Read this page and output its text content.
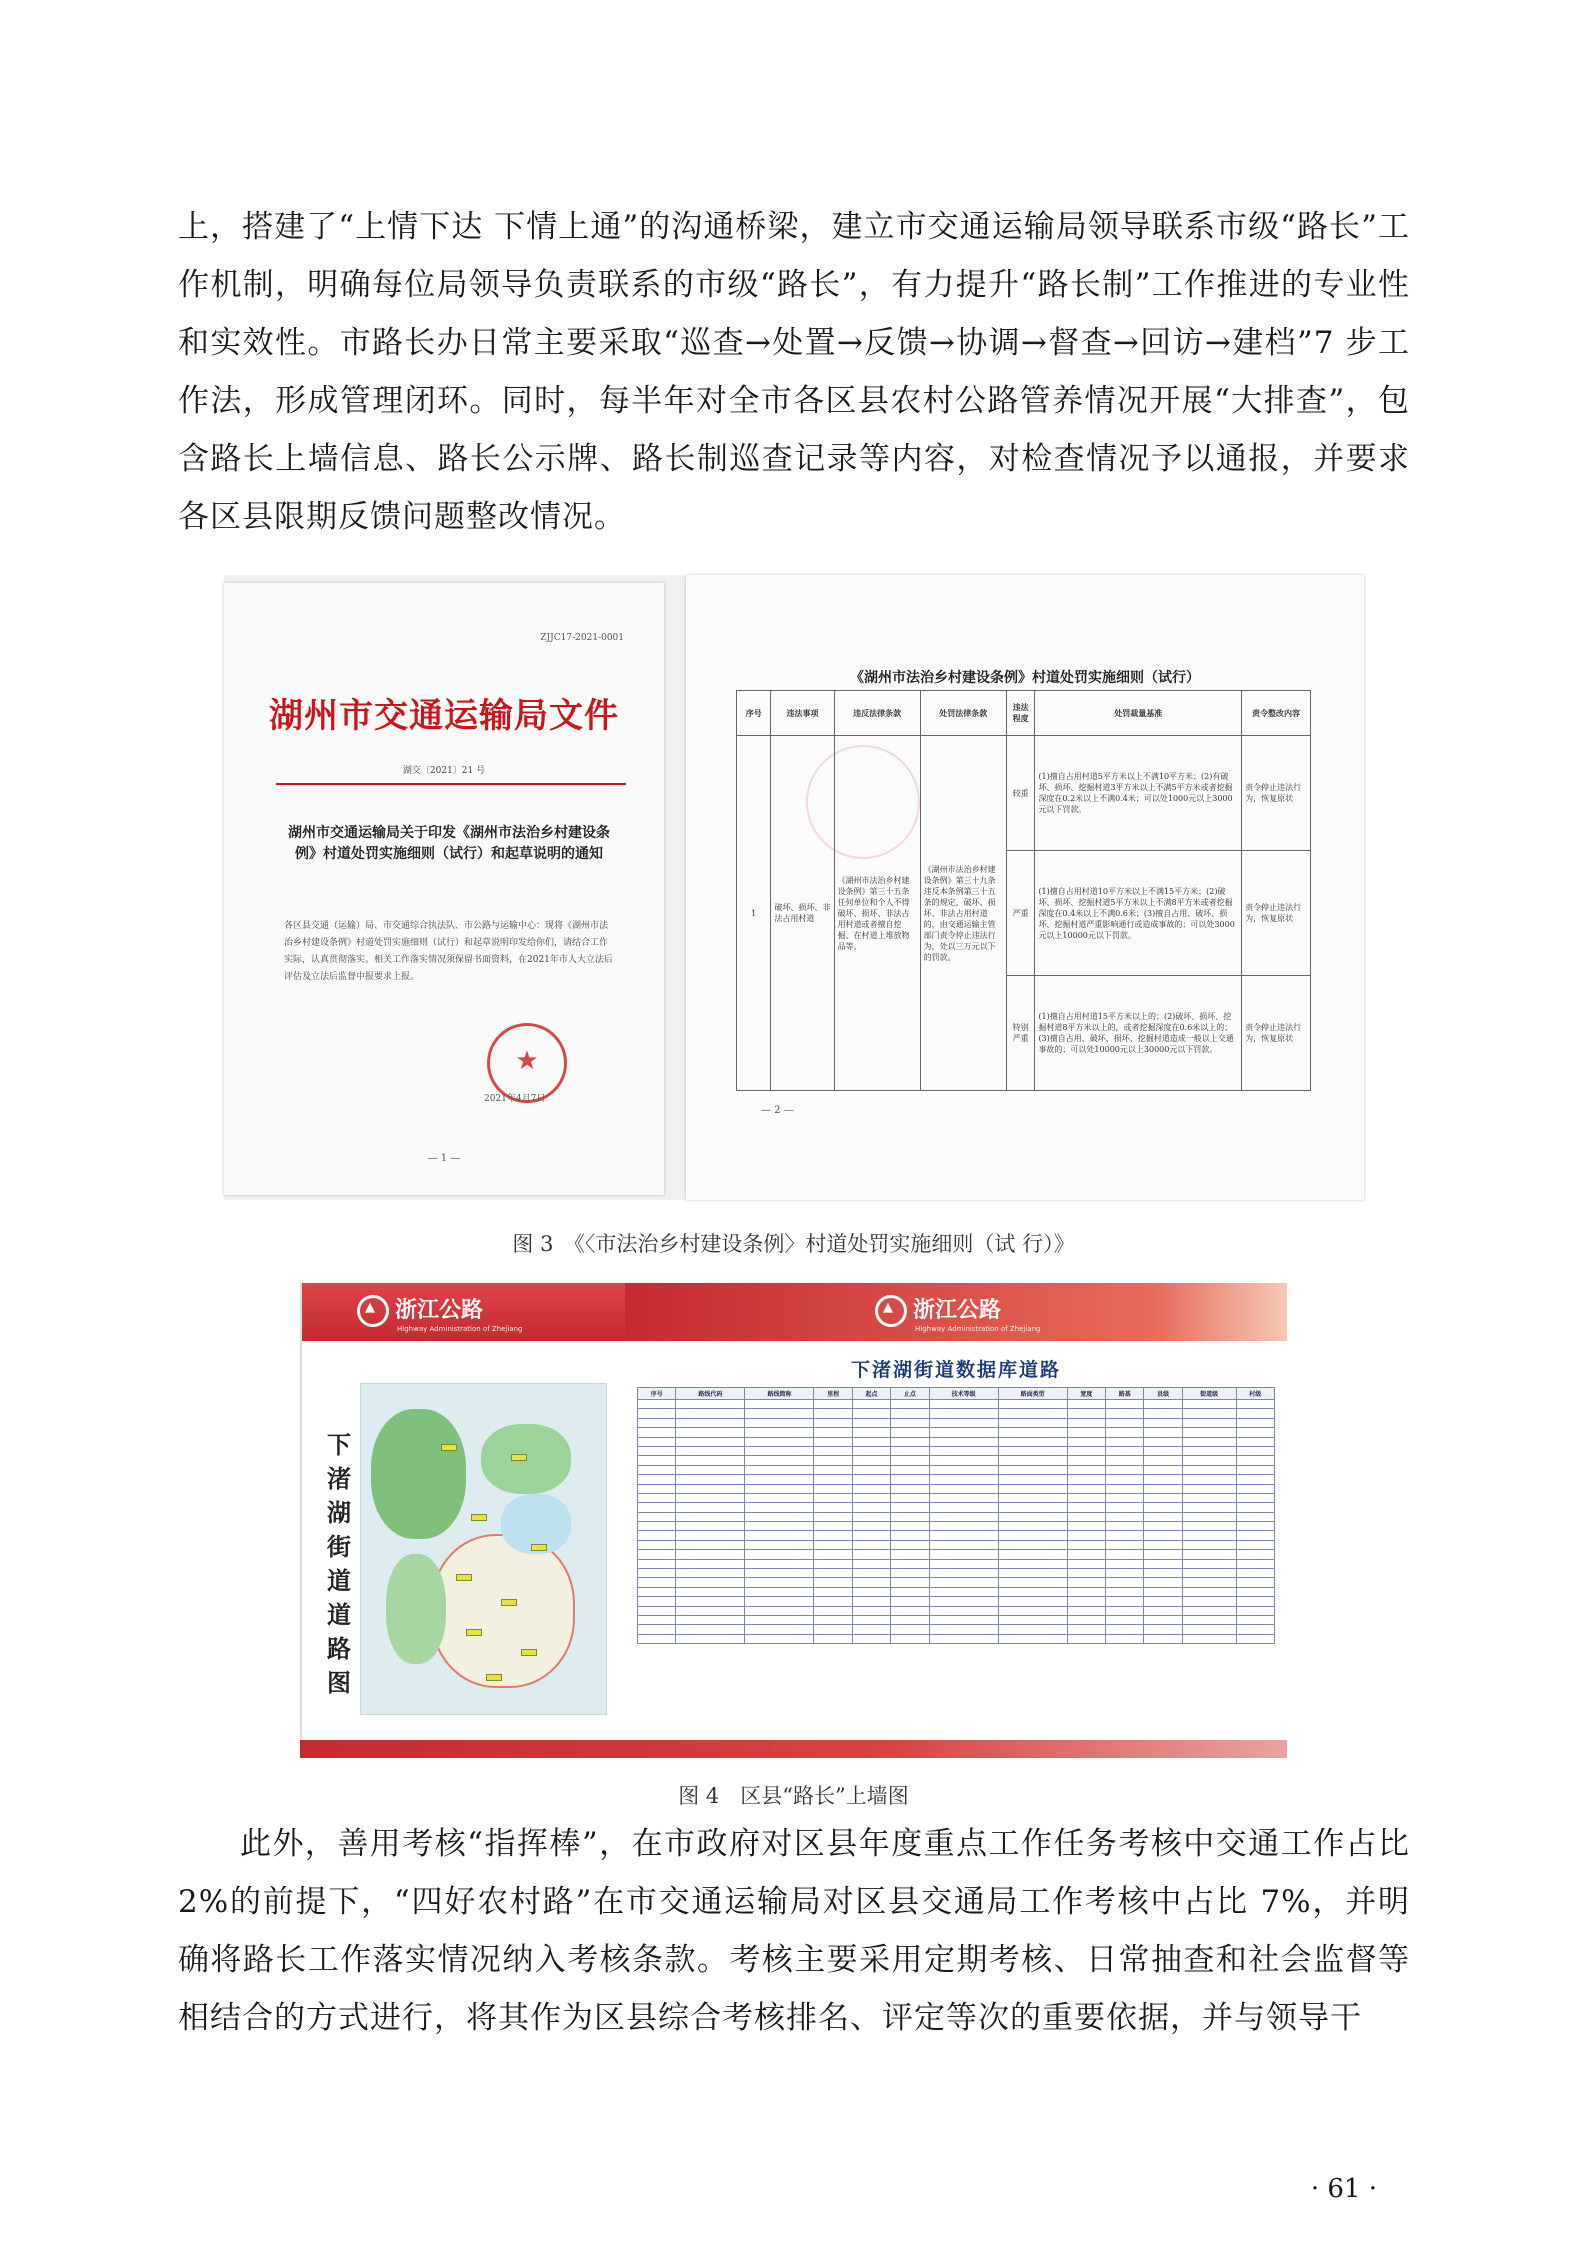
上，搭建了“上情下达 下情上通”的沟通桥梁，建立市交通运输局领导联系市级“路长”工作机制，明确每位局领导负责联系的市级“路长”，有力提升“路长制”工作推进的专业性和实效性。市路长办日常主要采取“巡查→处置→反馈→协调→督查→回访→建档”7 步工作法，形成管理闭环。同时，每半年对全市各区县农村公路管养情况开展“大排查”，包含路长上墙信息、路长公示牌、路长制巡查记录等内容，对检查情况予以通报，并要求各区县限期反馈问题整改情况。

ZJJC17-2021-0001
湖州市交通运输局文件
湖交〔2021〕21 号
湖州市交通运输局关于印发《湖州市法治乡村建设条例》村道处罚实施细则（试行）和起草说明的通知
各区县交通（运输）局、市交通综合执法队、市公路与运输中心：现将《湖州市法治乡村建设条例》村道处罚实施细则（试行）和起草说明印发给你们，请结合工作实际，认真贯彻落实。相关工作落实情况须保留书面资料，在2021年市人大立法后评估及立法后监督中报要求上报。
★
2021年4月7日
— 1 —
《湖州市法治乡村建设条例》村道处罚实施细则（试行）
序号	违法事项	违反法律条款	处罚法律条款	违法程度	处罚裁量基准	责令整改内容
1	破坏、损坏、非法占用村道	《湖州市法治乡村建设条例》第三十五条 任何单位和个人不得破坏、损坏、非法占用村道或者擅自挖掘、在村道上堆放物品等。	《湖州市法治乡村建设条例》第三十九条 违反本条例第三十五条的规定，破坏、损坏、非法占用村道的，由交通运输主管部门责令停止违法行为，处以三万元以下的罚款。	较重	(1)擅自占用村道5平方米以上不满10平方米；(2)有破坏、损坏、挖掘村道3平方米以上不满5平方米或者挖掘深度在0.2米以上不满0.4米；可以处1000元以上3000元以下罚款。	责令停止违法行为，恢复原状
				严重	(1)擅自占用村道10平方米以上不满15平方米；(2)破坏、损坏、挖掘村道5平方米以上不满8平方米或者挖掘深度在0.4米以上不满0.6米；(3)擅自占用、破坏、损坏、挖掘村道严重影响通行或造成事故的；可以处3000元以上10000元以下罚款。	责令停止违法行为，恢复原状
				特别严重	(1)擅自占用村道15平方米以上的；(2)破坏、损坏、挖掘村道8平方米以上的，或者挖掘深度在0.6米以上的；(3)擅自占用、破坏、损坏、挖掘村道造成一般以上交通事故的；可以处10000元以上30000元以下罚款。	责令停止违法行为，恢复原状
— 2 —
图 3　《〈市法治乡村建设条例〉村道处罚实施细则（试 行）》
▲浙江公路
Highway Administration of Zhejiang
下渚湖街道道路图
▲浙江公路
Highway Administration of Zhejiang
下渚湖街道数据库道路
序号	路线代码	路线简称	里程	起点	止点	技术等级	路面类型	宽度	路基	县级	街道级	村级

图 4　区县“路长”上墙图

此外，善用考核“指挥棒”，在市政府对区县年度重点工作任务考核中交通工作占比 2%的前提下，“四好农村路”在市交通运输局对区县交通局工作考核中占比 7%，并明确将路长工作落实情况纳入考核条款。考核主要采用定期考核、日常抽查和社会监督等相结合的方式进行，将其作为区县综合考核排名、评定等次的重要依据，并与领导干

· 61 ·
